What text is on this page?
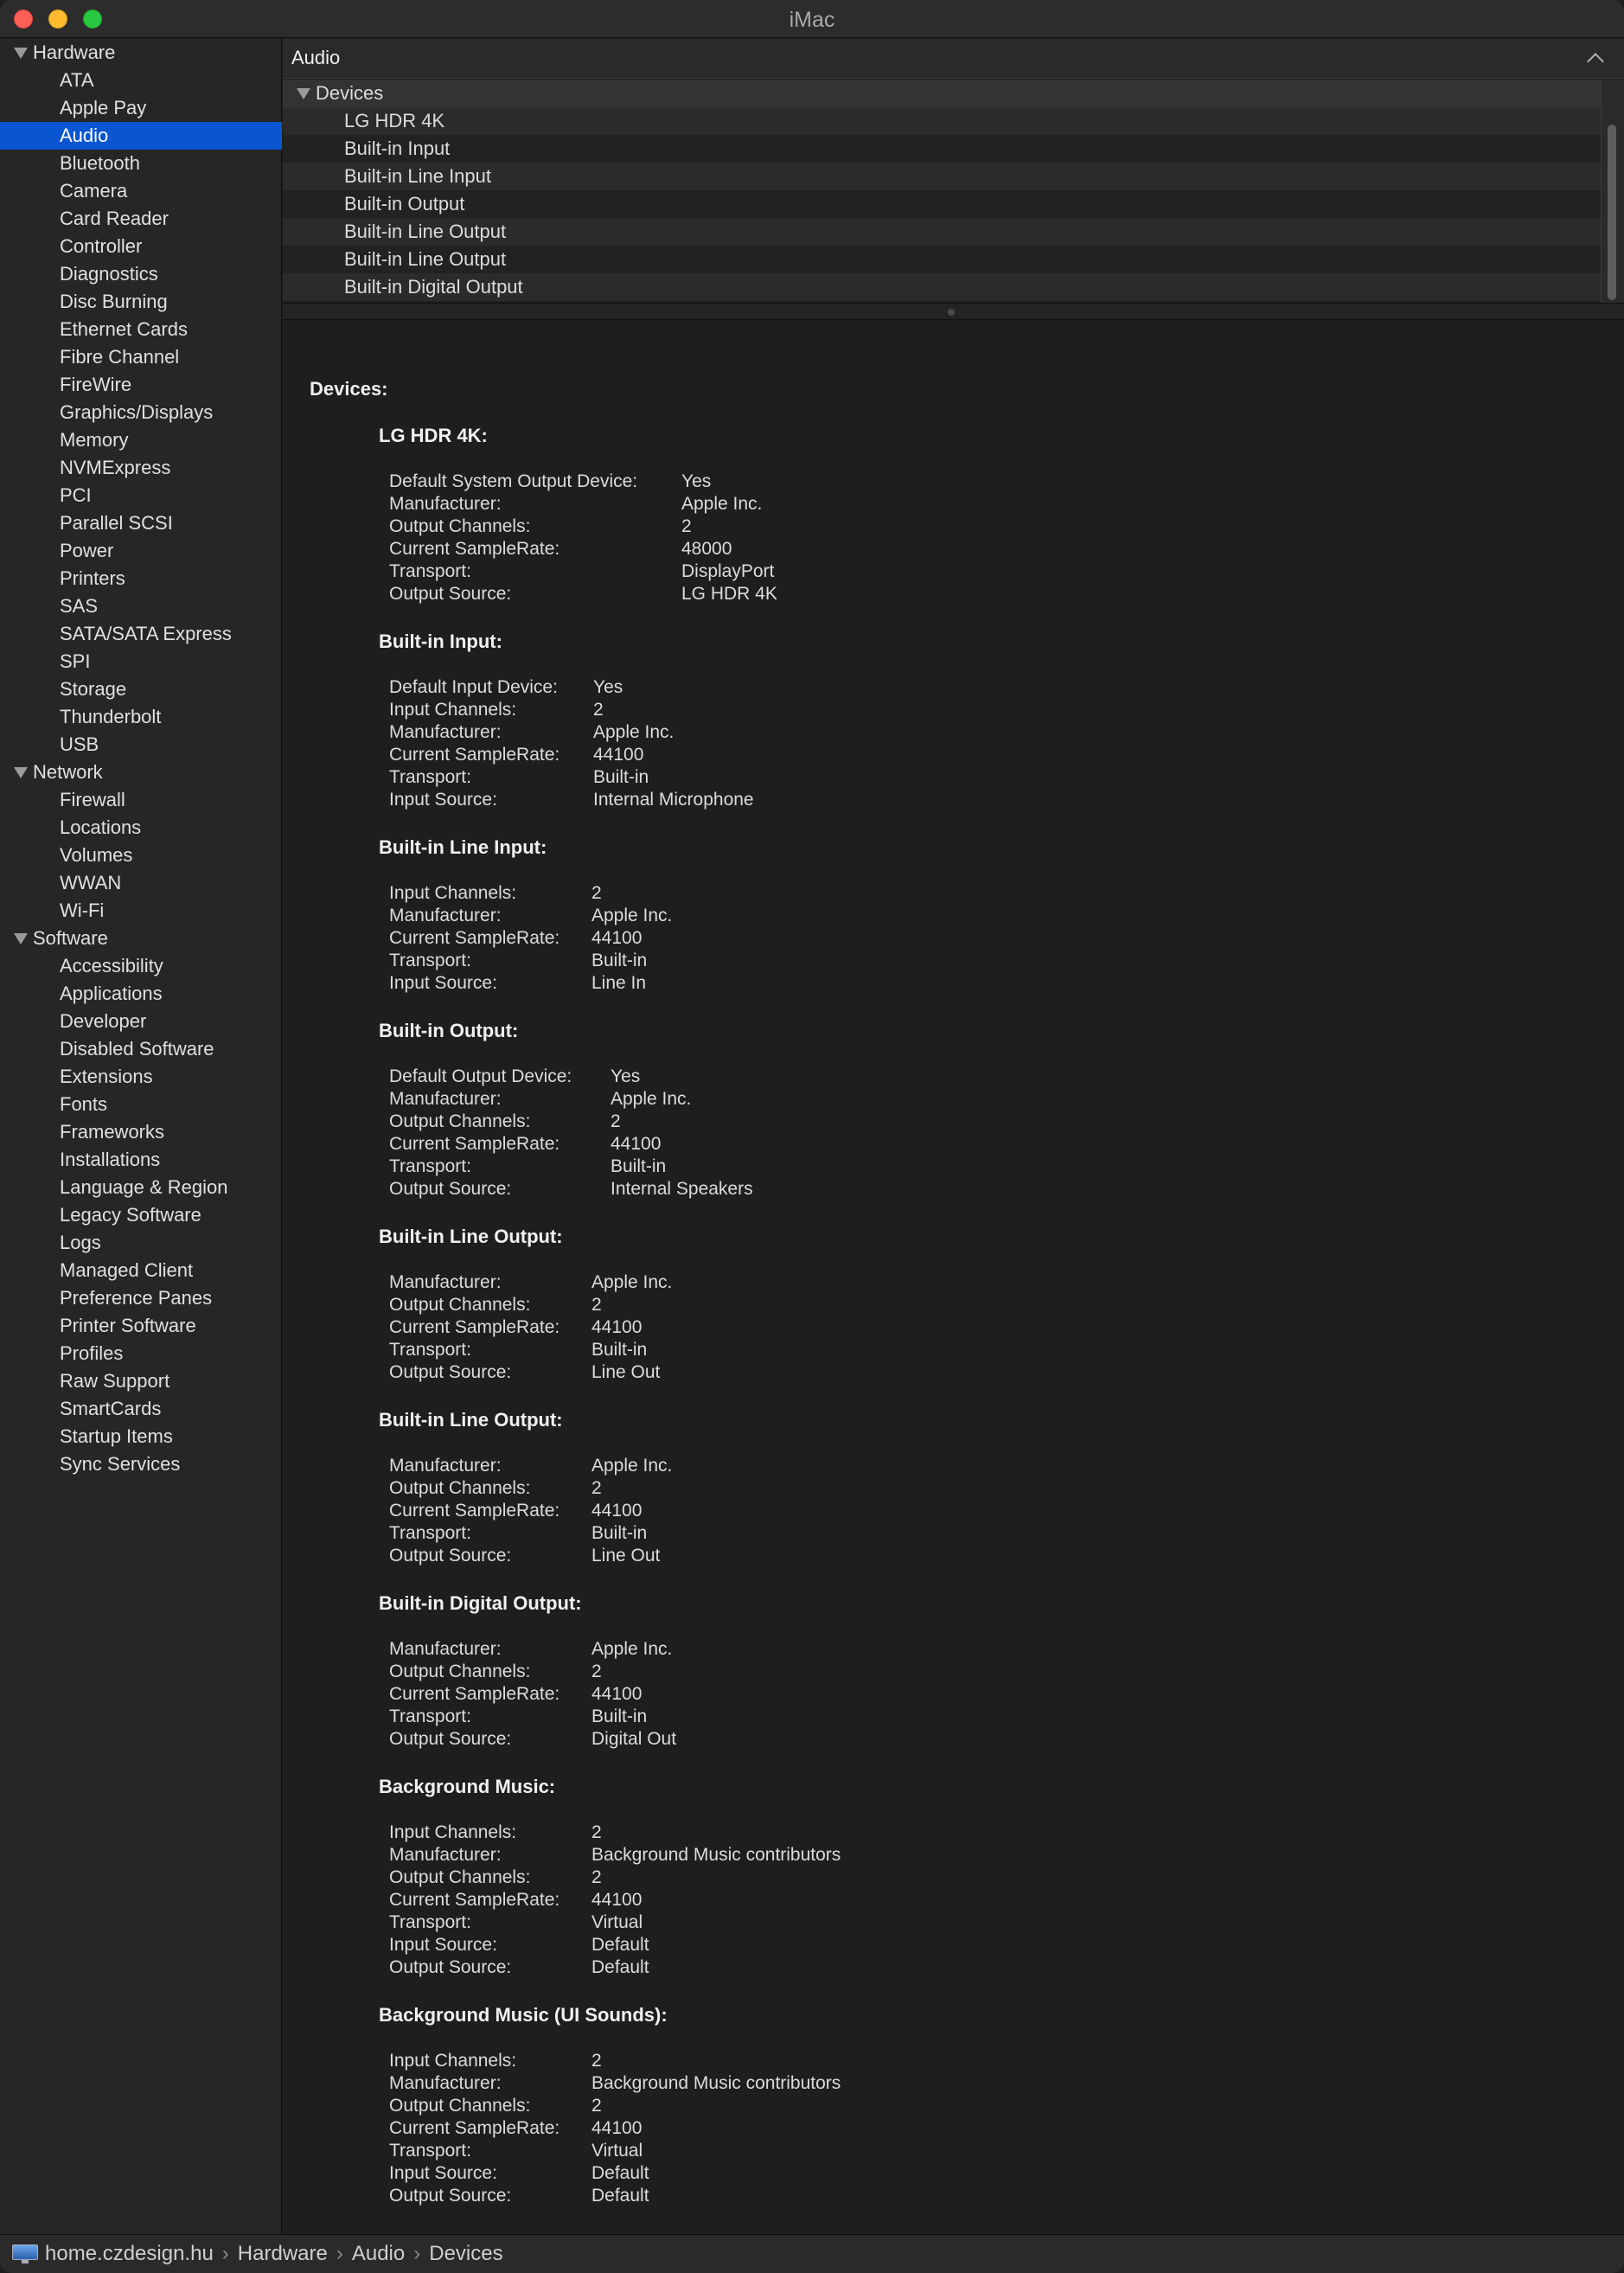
iMac
Hardware
ATA
Apple Pay
Audio
Bluetooth
Camera
Card Reader
Controller
Diagnostics
Disc Burning
Ethernet Cards
Fibre Channel
FireWire
Graphics/Displays
Memory
NVMExpress
PCI
Parallel SCSI
Power
Printers
SAS
SATA/SATA Express
SPI
Storage
Thunderbolt
USB
Network
Firewall
Locations
Volumes
WWAN
Wi-Fi
Software
Accessibility
Applications
Developer
Disabled Software
Extensions
Fonts
Frameworks
Installations
Language & Region
Legacy Software
Logs
Managed Client
Preference Panes
Printer Software
Profiles
Raw Support
SmartCards
Startup Items
Sync Services
Audio
Devices
LG HDR 4K
Built-in Input
Built-in Line Input
Built-in Output
Built-in Line Output
Built-in Line Output
Built-in Digital Output
Devices:
LG HDR 4K:
Default System Output Device: Yes
Manufacturer:	Apple Inc.
Output Channels:	2
Current SampleRate:	48000
Transport:	DisplayPort
Output Source:	LG HDR 4K
Built-in Input:
Default Input Device: Yes
Input Channels:	2
Manufacturer:	Apple Inc.
Current SampleRate: 44100
Transport:	Built-in
Input Source:	Internal Microphone
Built-in Line Input:
Input Channels:	2
Manufacturer:	Apple Inc.
Current SampleRate: 44100
Transport:	Built-in
Input Source:	Line In
Built-in Output:
Default Output Device: Yes
Manufacturer:	Apple Inc.
Output Channels:	2
Current SampleRate:	44100
Transport:	Built-in
Output Source:	Internal Speakers
Built-in Line Output:
Manufacturer:	Apple Inc.
Output Channels:	2
Current SampleRate: 44100
Transport:	Built-in
Output Source:	Line Out
Built-in Line Output:
Manufacturer:	Apple Inc.
Output Channels:	2
Current SampleRate: 44100
Transport:	Built-in
Output Source:	Line Out
Built-in Digital Output:
Manufacturer:	Apple Inc.
Output Channels:	2
Current SampleRate: 44100
Transport:	Built-in
Output Source:	Digital Out
Background Music:
Input Channels:	2
Manufacturer:	Background Music contributors
Output Channels:	2
Current SampleRate: 44100
Transport:	Virtual
Input Source:	Default
Output Source:	Default
Background Music (UI Sounds):
Input Channels:	2
Manufacturer:	Background Music contributors
Output Channels:	2
Current SampleRate: 44100
Transport:	Virtual
Input Source:	Default
Output Source:	Default
home.czdesign.hu › Hardware › Audio › Devices
